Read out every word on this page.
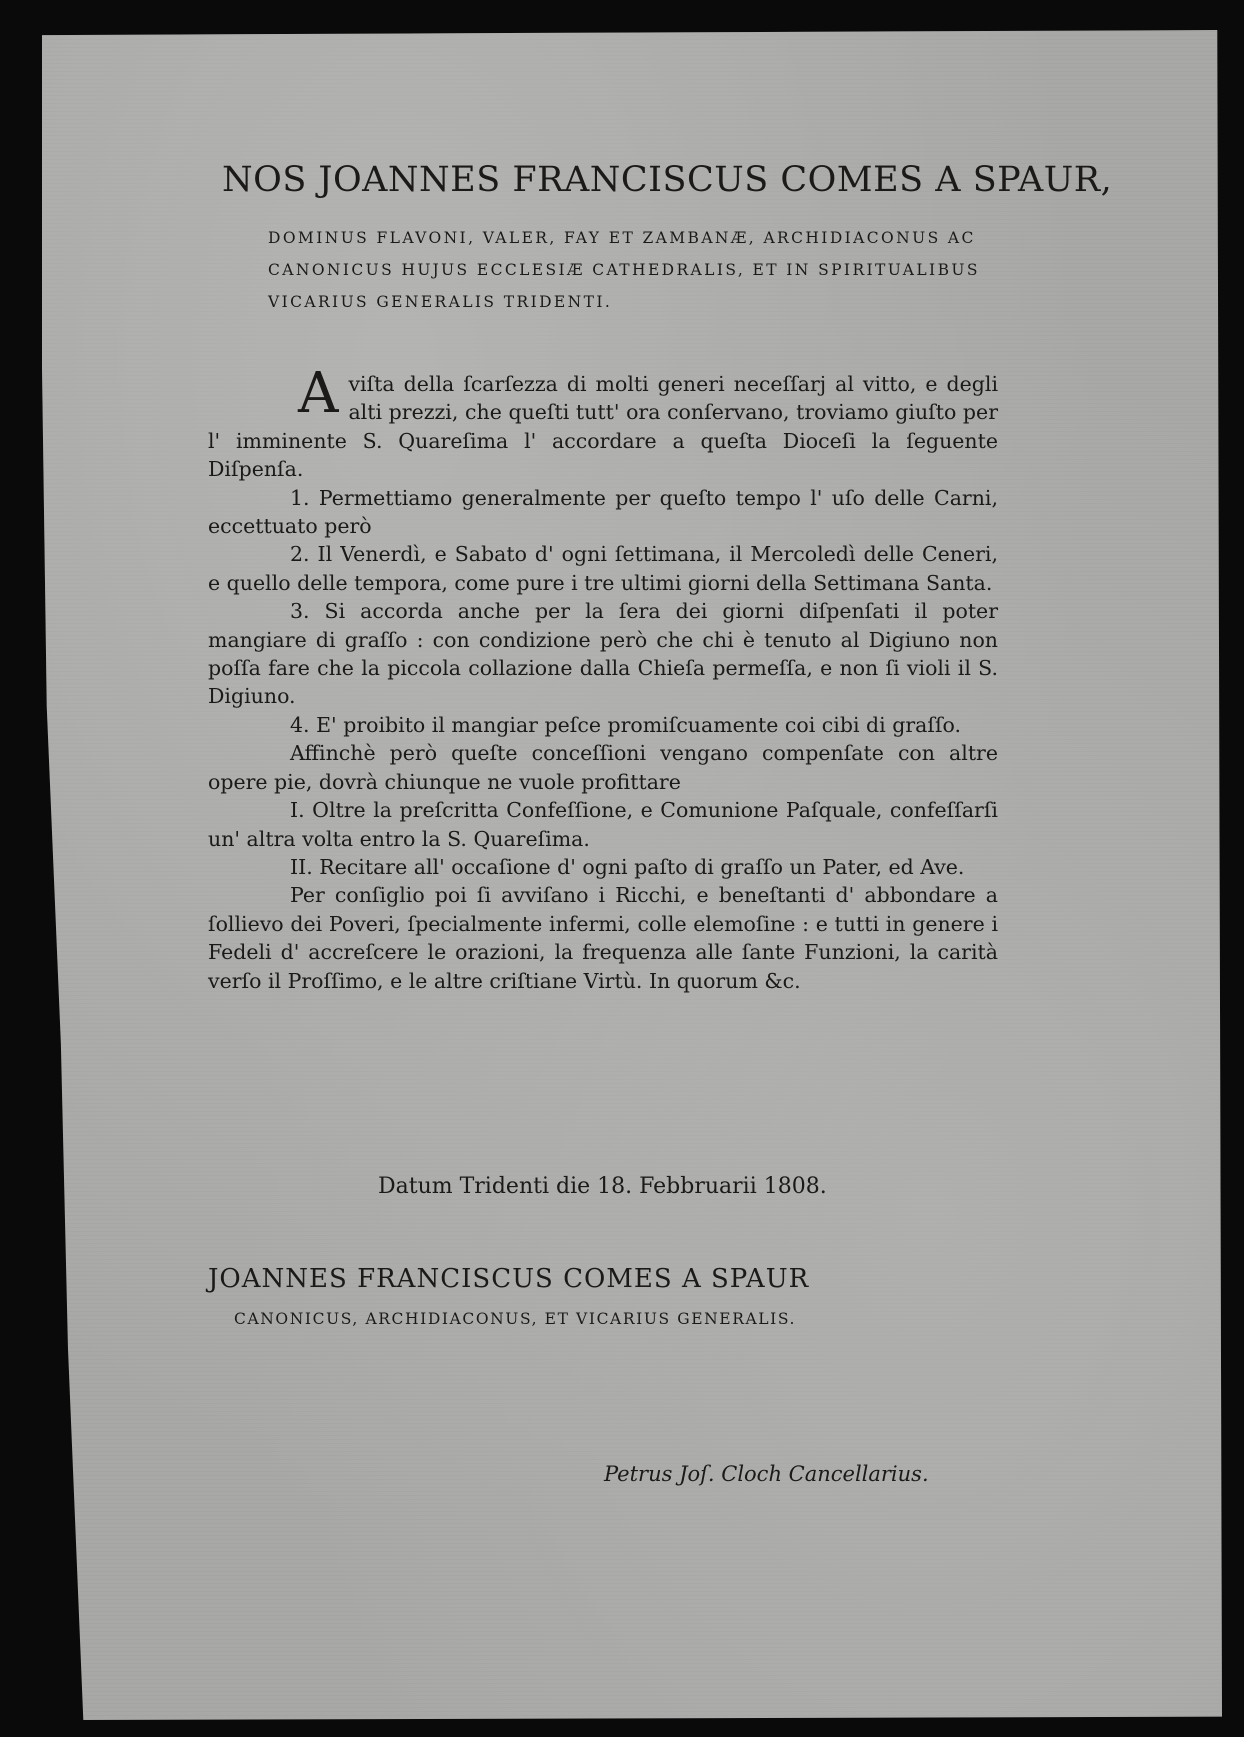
NOS JOANNES FRANCISCUS COMES A SPAUR,
DOMINUS FLAVONI, VALER, FAY ET ZAMBANÆ, ARCHIDIACONUS AC
CANONICUS HUJUS ECCLESIÆ CATHEDRALIS, ET IN SPIRITUALIBUS
VICARIUS GENERALIS TRIDENTI.

Aviſta della ſcarſezza di molti generi neceſſarj al vitto, e degli alti prezzi, che queſti tutt' ora conſervano, troviamo giuſto per l' imminente S. Quareſima l' accordare a queſta Dioceſi la ſeguente Diſpenſa.

1. Permettiamo generalmente per queſto tempo l' uſo delle Carni, eccettuato però

2. Il Venerdì, e Sabato d' ogni ſettimana, il Mercoledì delle Ceneri, e quello delle tempora, come pure i tre ultimi giorni della Settimana Santa.

3. Si accorda anche per la ſera dei giorni diſpenſati il poter mangiare di graſſo : con condizione però che chi è tenuto al Digiuno non poſſa fare che la piccola collazione dalla Chieſa permeſſa, e non ſi violi il S. Digiuno.

4. E' proibito il mangiar peſce promiſcuamente coi cibi di graſſo.

Affinchè però queſte conceſſioni vengano compenſate con altre opere pie, dovrà chiunque ne vuole profittare

I. Oltre la preſcritta Confeſſione, e Comunione Paſquale, confeſſarſi un' altra volta entro la S. Quareſima.

II. Recitare all' occaſione d' ogni paſto di graſſo un Pater, ed Ave.

Per conſiglio poi ſi avviſano i Ricchi, e beneſtanti d' abbondare a ſollievo dei Poveri, ſpecialmente infermi, colle elemoſine : e tutti in genere i Fedeli d' accreſcere le orazioni, la frequenza alle ſante Funzioni, la carità verſo il Proſſimo, e le altre criſtiane Virtù. In quorum &c.

Datum Tridenti die 18. Febbruarii 1808.
JOANNES FRANCISCUS COMES A SPAUR
CANONICUS, ARCHIDIACONUS, ET VICARIUS GENERALIS.
Petrus Joſ. Cloch Cancellarius.
